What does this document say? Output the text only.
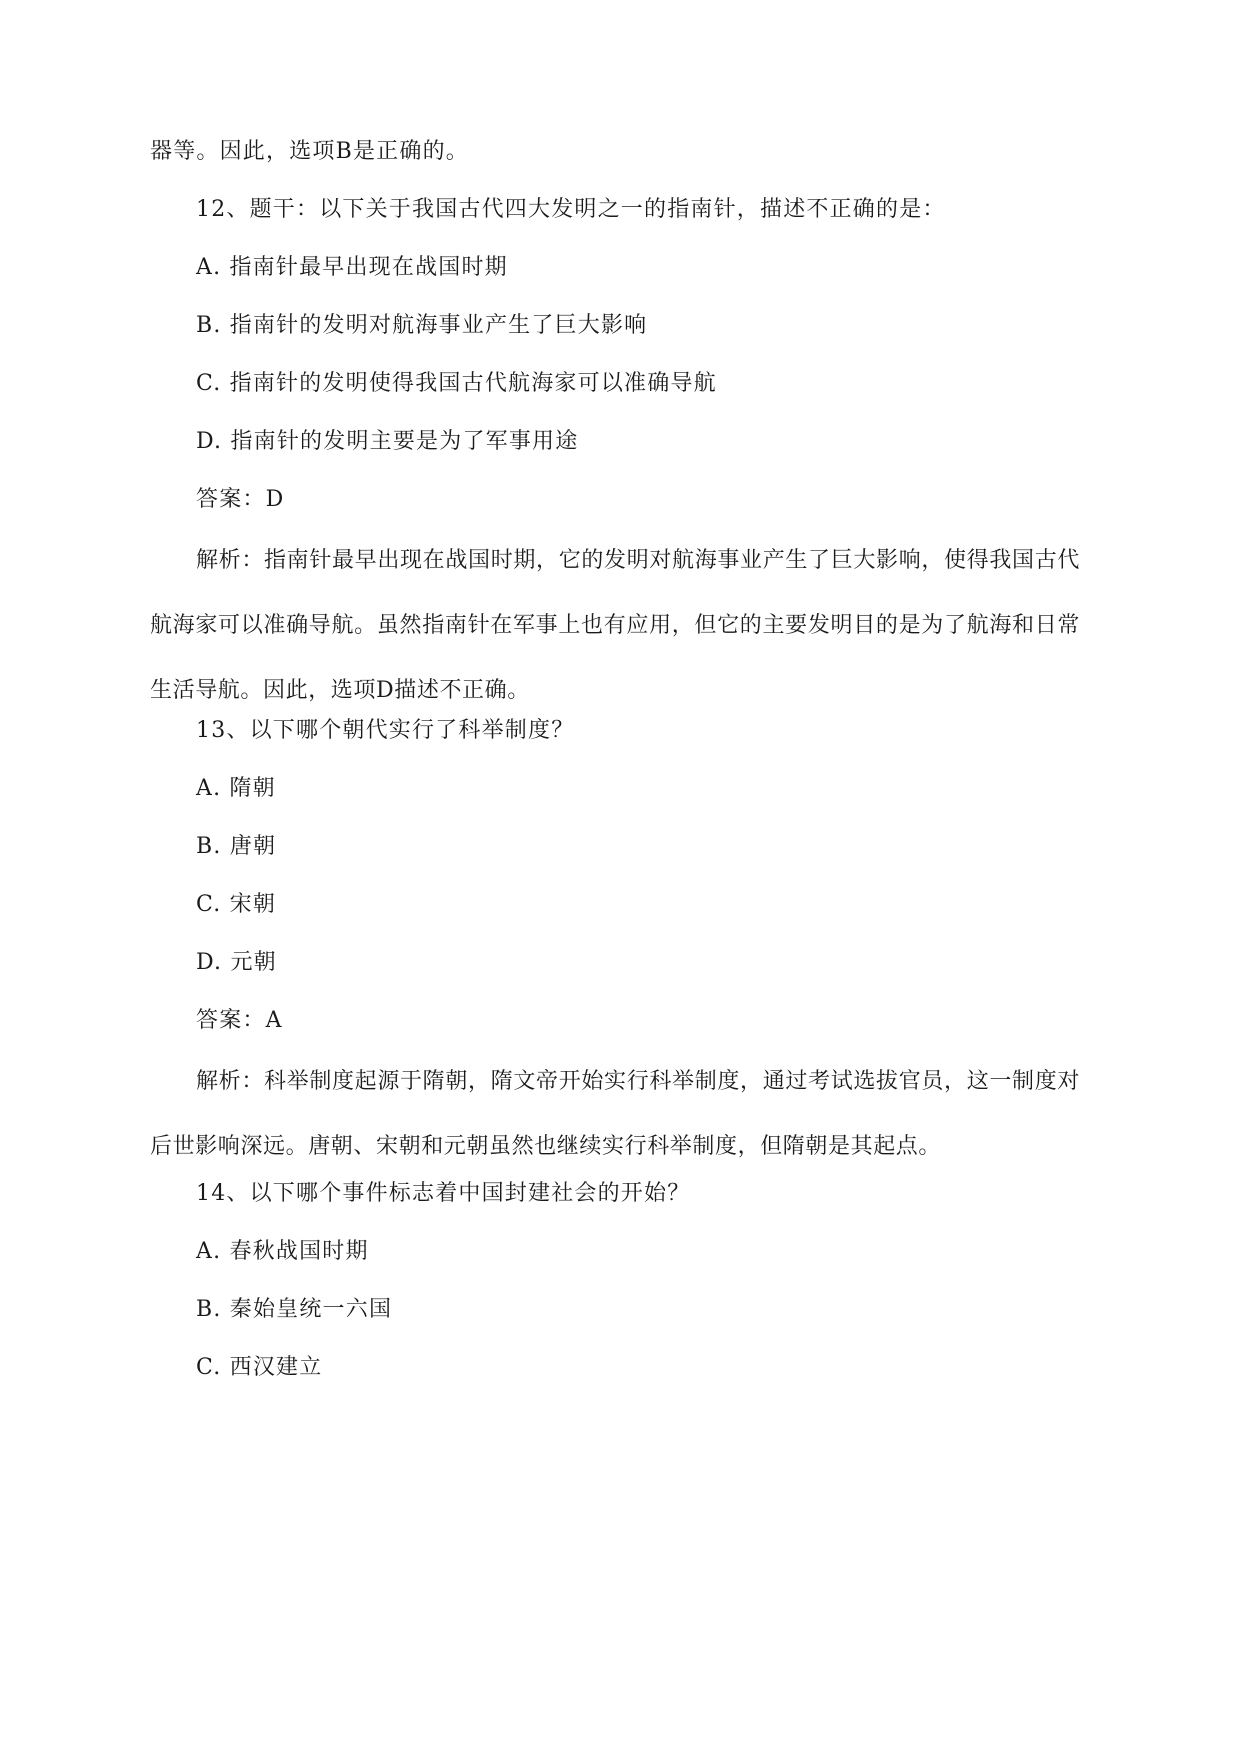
器等。因此，选项B是正确的。
12、题干：以下关于我国古代四大发明之一的指南针，描述不正确的是：
A. 指南针最早出现在战国时期
B. 指南针的发明对航海事业产生了巨大影响
C. 指南针的发明使得我国古代航海家可以准确导航
D. 指南针的发明主要是为了军事用途
答案：D
解析：指南针最早出现在战国时期，它的发明对航海事业产生了巨大影响，使得我国古代航海家可以准确导航。虽然指南针在军事上也有应用，但它的主要发明目的是为了航海和日常生活导航。因此，选项D描述不正确。
13、以下哪个朝代实行了科举制度？
A. 隋朝
B. 唐朝
C. 宋朝
D. 元朝
答案：A
解析：科举制度起源于隋朝，隋文帝开始实行科举制度，通过考试选拔官员，这一制度对后世影响深远。唐朝、宋朝和元朝虽然也继续实行科举制度，但隋朝是其起点。
14、以下哪个事件标志着中国封建社会的开始？
A. 春秋战国时期
B. 秦始皇统一六国
C. 西汉建立
